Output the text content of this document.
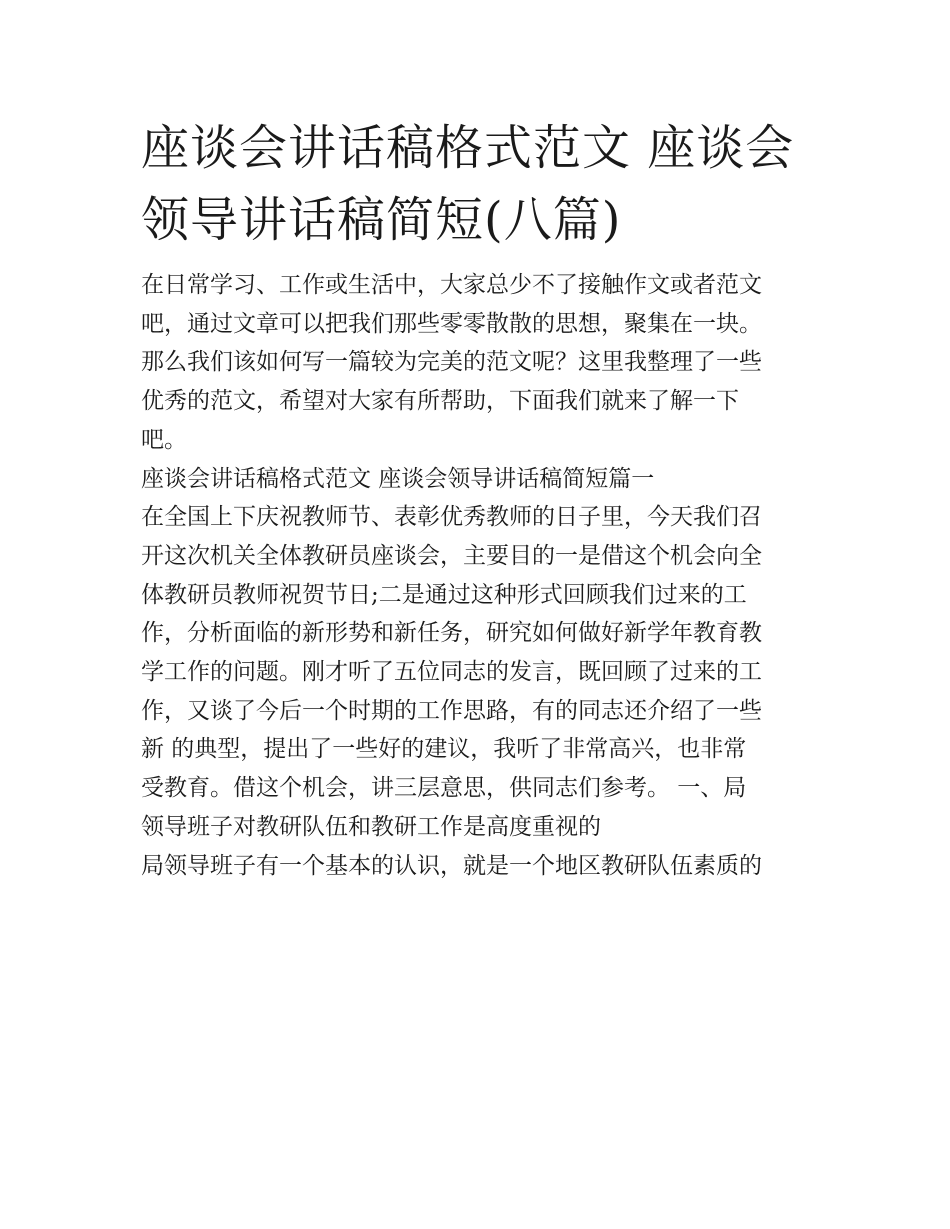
座谈会讲话稿格式范文 座谈会
领导讲话稿简短(八篇)

在日常学习、工作或生活中，大家总少不了接触作文或者范文
吧，通过文章可以把我们那些零零散散的思想，聚集在一块。
那么我们该如何写一篇较为完美的范文呢？这里我整理了一些
优秀的范文，希望对大家有所帮助，下面我们就来了解一下
吧。

座谈会讲话稿格式范文 座谈会领导讲话稿简短篇一

在全国上下庆祝教师节、表彰优秀教师的日子里，今天我们召
开这次机关全体教研员座谈会，主要目的一是借这个机会向全
体教研员教师祝贺节日;二是通过这种形式回顾我们过来的工
作，分析面临的新形势和新任务，研究如何做好新学年教育教
学工作的问题。刚才听了五位同志的发言，既回顾了过来的工
作，又谈了今后一个时期的工作思路，有的同志还介绍了一些
新 的典型，提出了一些好的建议，我听了非常高兴，也非常
受教育。借这个机会，讲三层意思，供同志们参考。 一、局
领导班子对教研队伍和教研工作是高度重视的

局领导班子有一个基本的认识，就是一个地区教研队伍素质的
